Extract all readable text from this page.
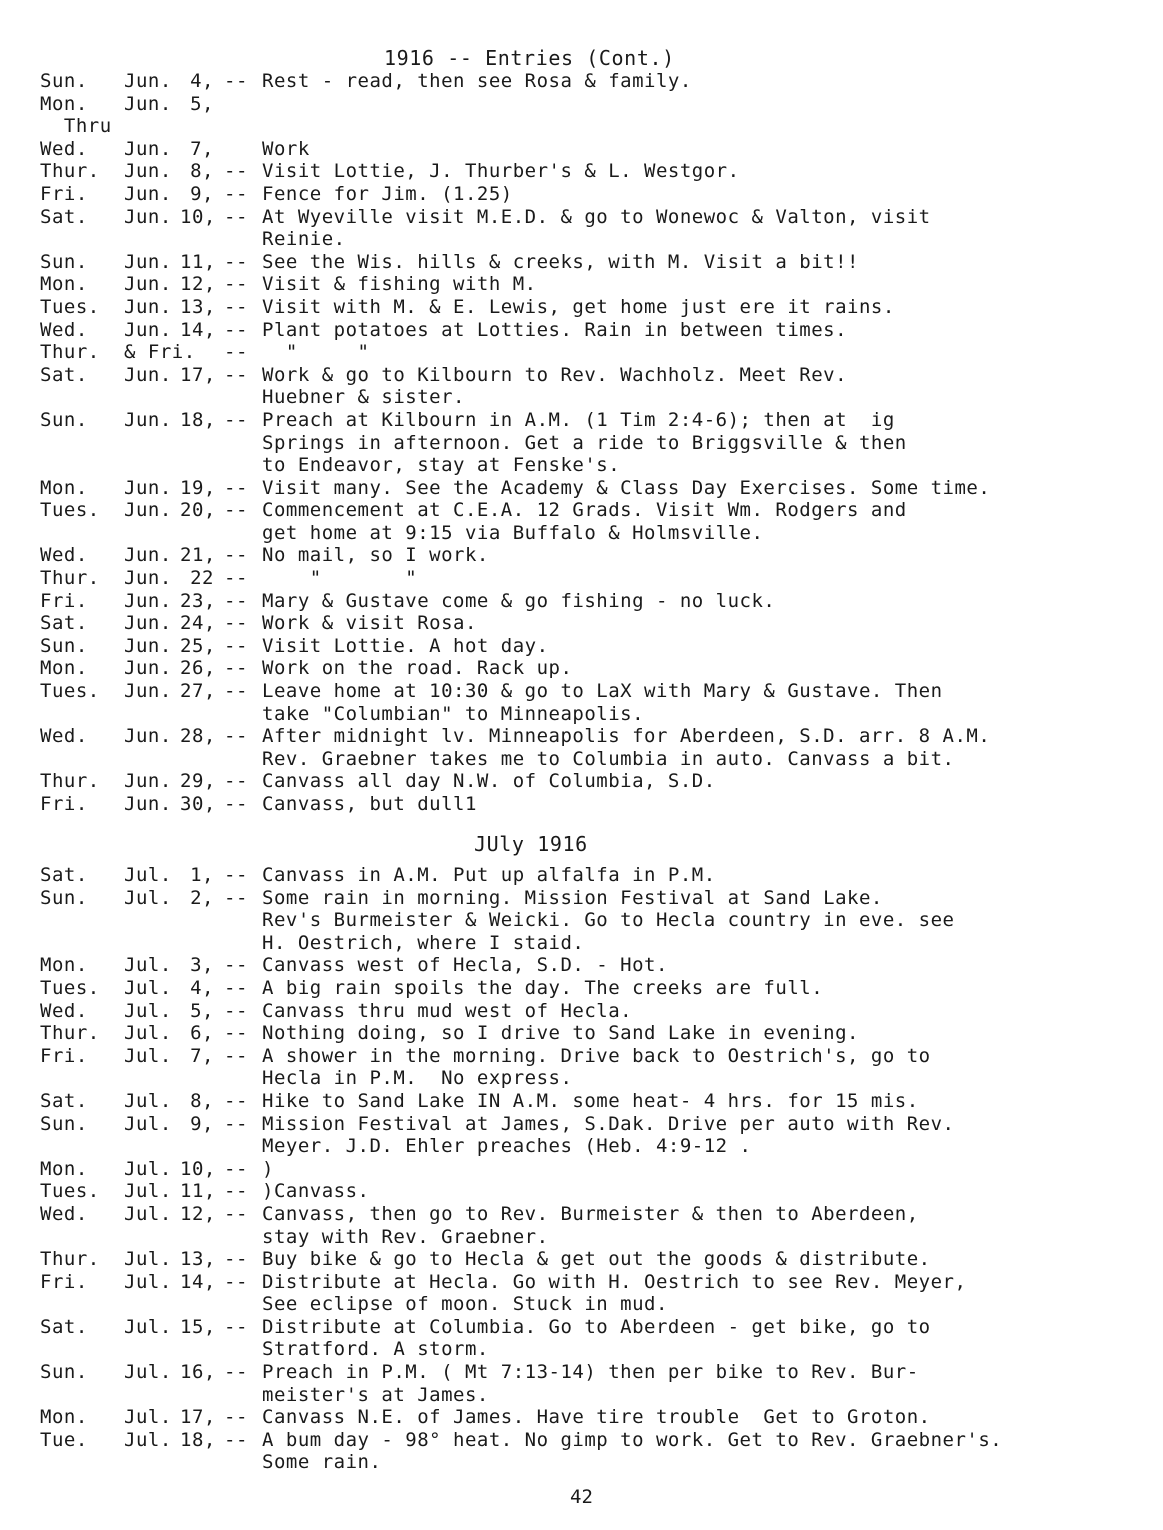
1916 -- Entries (Cont.)
Sun.	Jun. 4, -- Rest - read, then see Rosa & family.
Mon.	Jun. 5,
Thru
Wed.	Jun. 7,	Work
Thur.	Jun. 8, -- Visit Lottie, J. Thurber's & L. Westgor.
Fri.	Jun. 9, -- Fence for Jim. (1.25)
Sat.	Jun. 10, -- At Wyeville visit M.E.D. & go to Wonewoc & Valton, visit
Reinie.
Sun.	Jun. 11, -- See the Wis. hills & creeks, with M. Visit a bit!!
Mon.	Jun. 12, -- Visit & fishing with M.
Tues.	Jun. 13, -- Visit with M. & E. Lewis, get home just ere it rains.
Wed.	Jun. 14, -- Plant potatoes at Lotties. Rain in between times.
Thur.	& Fri.	-- "     "
Sat.	Jun. 17, -- Work & go to Kilbourn to Rev. Wachholz. Meet Rev.
Huebner & sister.
Sun.	Jun. 18, -- Preach at Kilbourn in A.M. (1 Tim 2:4-6); then at  ig
Springs in afternoon. Get a ride to Briggsville & then
to Endeavor, stay at Fenske's.
Mon.	Jun. 19, -- Visit many. See the Academy & Class Day Exercises. Some time.
Tues.	Jun. 20, -- Commencement at C.E.A. 12 Grads. Visit Wm. Rodgers and
get home at 9:15 via Buffalo & Holmsville.
Wed.	Jun. 21, -- No mail, so I work.
Thur.	Jun. 22 -- "       "
Fri.	Jun. 23, -- Mary & Gustave come & go fishing - no luck.
Sat.	Jun. 24, -- Work & visit Rosa.
Sun.	Jun. 25, -- Visit Lottie. A hot day.
Mon.	Jun. 26, -- Work on the road. Rack up.
Tues.	Jun. 27, -- Leave home at 10:30 & go to LaX with Mary & Gustave. Then
take "Columbian" to Minneapolis.
Wed.	Jun. 28, -- After midnight lv. Minneapolis for Aberdeen, S.D. arr. 8 A.M.
Rev. Graebner takes me to Columbia in auto. Canvass a bit.
Thur.	Jun. 29, -- Canvass all day N.W. of Columbia, S.D.
Fri.	Jun. 30, -- Canvass, but dull1
JUly 1916
Sat.	Jul. 1, -- Canvass in A.M. Put up alfalfa in P.M.
Sun.	Jul. 2, -- Some rain in morning. Mission Festival at Sand Lake.
Rev's Burmeister & Weicki. Go to Hecla country in eve. see
H. Oestrich, where I staid.
Mon.	Jul. 3, -- Canvass west of Hecla, S.D. - Hot.
Tues.	Jul. 4, -- A big rain spoils the day. The creeks are full.
Wed.	Jul. 5, -- Canvass thru mud west of Hecla.
Thur.	Jul. 6, -- Nothing doing, so I drive to Sand Lake in evening.
Fri.	Jul. 7, -- A shower in the morning. Drive back to Oestrich's, go to
Hecla in P.M.  No express.
Sat.	Jul. 8, -- Hike to Sand Lake IN A.M. some heat- 4 hrs. for 15 mis.
Sun.	Jul. 9, -- Mission Festival at James, S.Dak. Drive per auto with Rev.
Meyer. J.D. Ehler preaches (Heb. 4:9-12 .
Mon.	Jul. 10, -- )
Tues.	Jul. 11, -- )Canvass.
Wed.	Jul. 12, -- Canvass, then go to Rev. Burmeister & then to Aberdeen,
stay with Rev. Graebner.
Thur.	Jul. 13, -- Buy bike & go to Hecla & get out the goods & distribute.
Fri.	Jul. 14, -- Distribute at Hecla. Go with H. Oestrich to see Rev. Meyer,
See eclipse of moon. Stuck in mud.
Sat.	Jul. 15, -- Distribute at Columbia. Go to Aberdeen - get bike, go to
Stratford. A storm.
Sun.	Jul. 16, -- Preach in P.M. ( Mt 7:13-14) then per bike to Rev. Bur-
meister's at James.
Mon.	Jul. 17, -- Canvass N.E. of James. Have tire trouble  Get to Groton.
Tue.	Jul. 18, -- A bum day - 98° heat. No gimp to work. Get to Rev. Graebner's.
Some rain.
42
